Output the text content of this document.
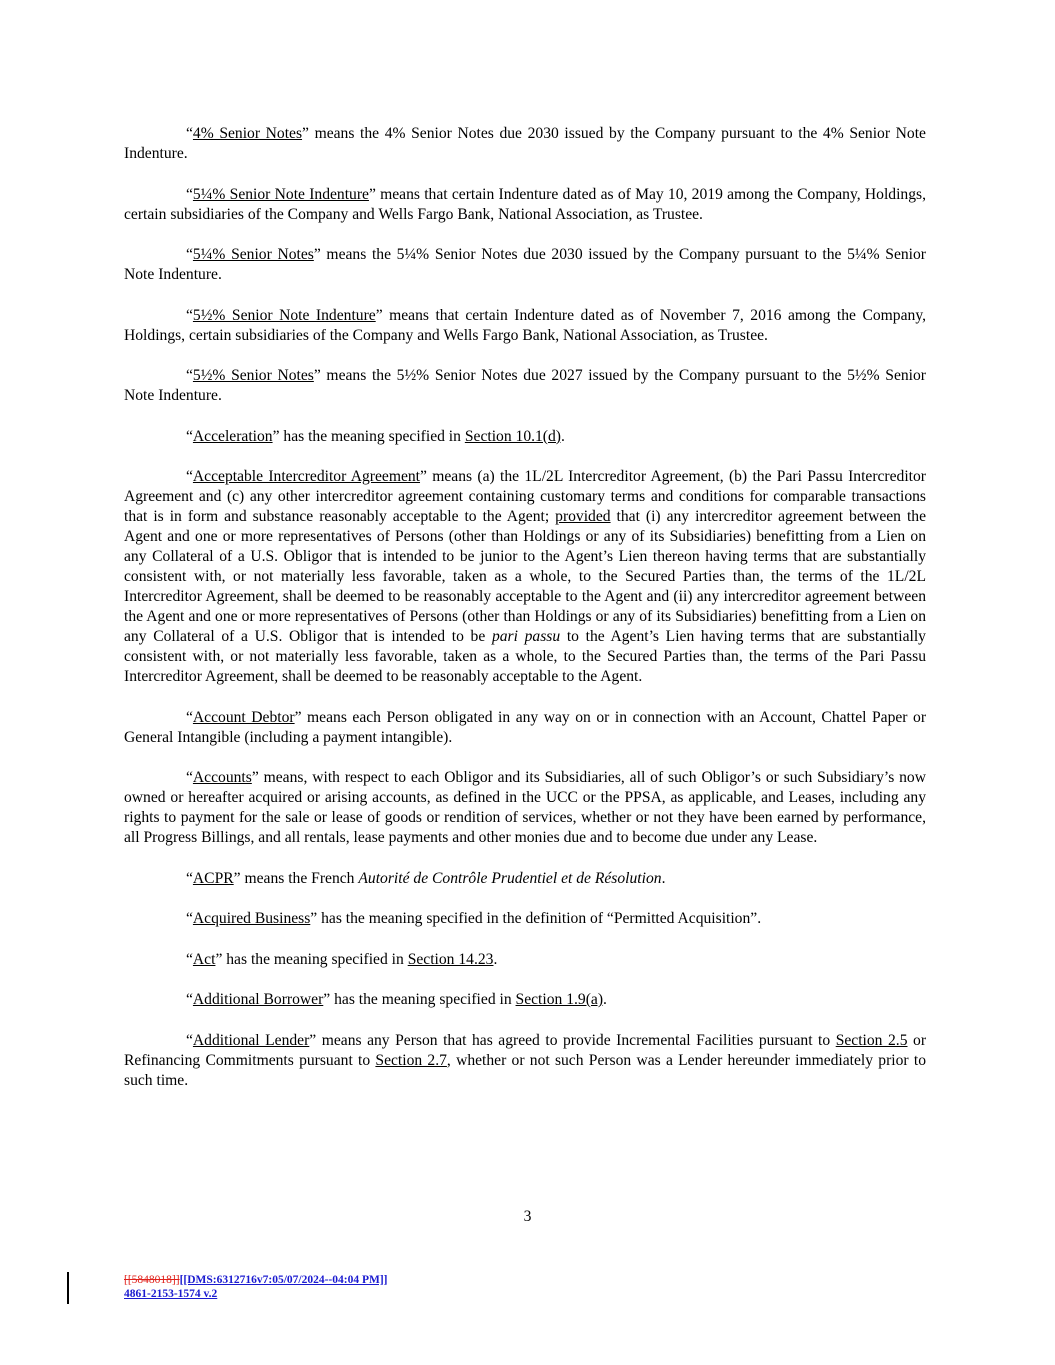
“4% Senior Notes” means the 4% Senior Notes due 2030 issued by the Company pursuant to the 4% Senior Note Indenture.

“5¼% Senior Note Indenture” means that certain Indenture dated as of May 10, 2019 among the Company, Holdings, certain subsidiaries of the Company and Wells Fargo Bank, National Association, as Trustee.

“5¼% Senior Notes” means the 5¼% Senior Notes due 2030 issued by the Company pursuant to the 5¼% Senior Note Indenture.

“5½% Senior Note Indenture” means that certain Indenture dated as of November 7, 2016 among the Company, Holdings, certain subsidiaries of the Company and Wells Fargo Bank, National Association, as Trustee.

“5½% Senior Notes” means the 5½% Senior Notes due 2027 issued by the Company pursuant to the 5½% Senior Note Indenture.

“Acceleration” has the meaning specified in Section 10.1(d).

“Acceptable Intercreditor Agreement” means (a) the 1L/2L Intercreditor Agreement, (b) the Pari Passu Intercreditor Agreement and (c) any other intercreditor agreement containing customary terms and conditions for comparable transactions that is in form and substance reasonably acceptable to the Agent; provided that (i) any intercreditor agreement between the Agent and one or more representatives of Persons (other than Holdings or any of its Subsidiaries) benefitting from a Lien on any Collateral of a U.S. Obligor that is intended to be junior to the Agent’s Lien thereon having terms that are substantially consistent with, or not materially less favorable, taken as a whole, to the Secured Parties than, the terms of the 1L/2L Intercreditor Agreement, shall be deemed to be reasonably acceptable to the Agent and (ii) any intercreditor agreement between the Agent and one or more representatives of Persons (other than Holdings or any of its Subsidiaries) benefitting from a Lien on any Collateral of a U.S. Obligor that is intended to be pari passu to the Agent’s Lien having terms that are substantially consistent with, or not materially less favorable, taken as a whole, to the Secured Parties than, the terms of the Pari Passu Intercreditor Agreement, shall be deemed to be reasonably acceptable to the Agent.

“Account Debtor” means each Person obligated in any way on or in connection with an Account, Chattel Paper or General Intangible (including a payment intangible).

“Accounts” means, with respect to each Obligor and its Subsidiaries, all of such Obligor’s or such Subsidiary’s now owned or hereafter acquired or arising accounts, as defined in the UCC or the PPSA, as applicable, and Leases, including any rights to payment for the sale or lease of goods or rendition of services, whether or not they have been earned by performance, all Progress Billings, and all rentals, lease payments and other monies due and to become due under any Lease.

“ACPR” means the French Autorité de Contrôle Prudentiel et de Résolution.

“Acquired Business” has the meaning specified in the definition of “Permitted Acquisition”.

“Act” has the meaning specified in Section 14.23.

“Additional Borrower” has the meaning specified in Section 1.9(a).

“Additional Lender” means any Person that has agreed to provide Incremental Facilities pursuant to Section 2.5 or Refinancing Commitments pursuant to Section 2.7, whether or not such Person was a Lender hereunder immediately prior to such time.

3
[[5848018]][[DMS:6312716v7:05/07/2024--04:04 PM]]
4861-2153-1574 v.2
